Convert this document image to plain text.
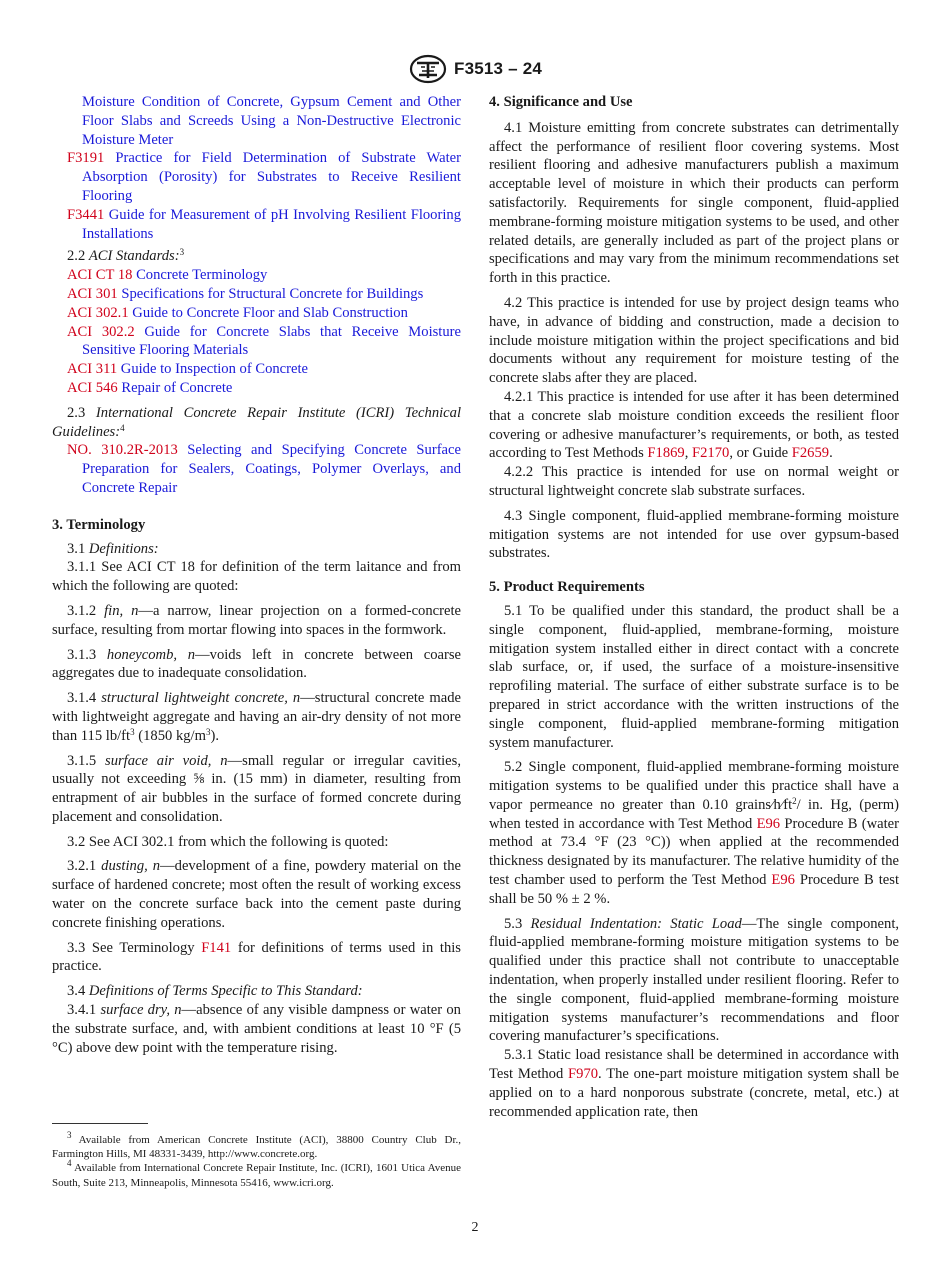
F3513 – 24

Moisture Condition of Concrete, Gypsum Cement and Other Floor Slabs and Screeds Using a Non-Destructive Electronic Moisture Meter

F3191 Practice for Field Determination of Substrate Water Absorption (Porosity) for Substrates to Receive Resilient Flooring

F3441 Guide for Measurement of pH Involving Resilient Flooring Installations

2.2 ACI Standards:$^3$

ACI CT 18 Concrete Terminology

ACI 301 Specifications for Structural Concrete for Buildings

ACI 302.1 Guide to Concrete Floor and Slab Construction

ACI 302.2 Guide for Concrete Slabs that Receive Moisture Sensitive Flooring Materials

ACI 311 Guide to Inspection of Concrete

ACI 546 Repair of Concrete

2.3 International Concrete Repair Institute (ICRI) Technical Guidelines:$^4$

NO. 310.2R-2013 Selecting and Specifying Concrete Surface Preparation for Sealers, Coatings, Polymer Overlays, and Concrete Repair

3. Terminology

3.1 Definitions:

3.1.1 See ACI CT 18 for definition of the term laitance and from which the following are quoted:

3.1.2 fin, n—a narrow, linear projection on a formed-concrete surface, resulting from mortar flowing into spaces in the formwork.

3.1.3 honeycomb, n—voids left in concrete between coarse aggregates due to inadequate consolidation.

3.1.4 structural lightweight concrete, n—structural concrete made with lightweight aggregate and having an air-dry density of not more than 115 $lb/ft^3$ (1850 $kg/m^3$).

3.1.5 surface air void, n—small regular or irregular cavities, usually not exceeding ⅝ in. (15 mm) in diameter, resulting from entrapment of air bubbles in the surface of formed concrete during placement and consolidation.

3.2 See ACI 302.1 from which the following is quoted:

3.2.1 dusting, n—development of a fine, powdery material on the surface of hardened concrete; most often the result of working excess water on the concrete surface back into the cement paste during concrete finishing operations.

3.3 See Terminology F141 for definitions of terms used in this practice.

3.4 Definitions of Terms Specific to This Standard:

3.4.1 surface dry, n—absence of any visible dampness or water on the substrate surface, and, with ambient conditions at least 10 °F (5 °C) above dew point with the temperature rising.

$^3$ Available from American Concrete Institute (ACI), 38800 Country Club Dr., Farmington Hills, MI 48331-3439, http://www.concrete.org.

$^4$ Available from International Concrete Repair Institute, Inc. (ICRI), 1601 Utica Avenue South, Suite 213, Minneapolis, Minnesota 55416, www.icri.org.

4. Significance and Use

4.1 Moisture emitting from concrete substrates can detrimentally affect the performance of resilient floor covering systems. Most resilient flooring and adhesive manufacturers publish a maximum acceptable level of moisture in which their products can perform satisfactorily. Requirements for single component, fluid-applied membrane-forming moisture mitigation systems to be used, and other related details, are generally included as part of the project plans or specifications and may vary from the minimum recommendations set forth in this practice.

4.2 This practice is intended for use by project design teams who have, in advance of bidding and construction, made a decision to include moisture mitigation within the project specifications and bid documents without any requirement for moisture testing of the concrete slabs after they are placed.

4.2.1 This practice is intended for use after it has been determined that a concrete slab moisture condition exceeds the resilient floor covering or adhesive manufacturer’s requirements, or both, as tested according to Test Methods F1869, F2170, or Guide F2659.

4.2.2 This practice is intended for use on normal weight or structural lightweight concrete slab substrate surfaces.

4.3 Single component, fluid-applied membrane-forming moisture mitigation systems are not intended for use over gypsum-based substrates.

5. Product Requirements

5.1 To be qualified under this standard, the product shall be a single component, fluid-applied, membrane-forming, moisture mitigation system installed either in direct contact with a concrete slab surface, or, if used, the surface of a moisture-insensitive reprofiling material. The surface of either substrate surface is to be prepared in strict accordance with the written instructions of the single component, fluid-applied membrane-forming mitigation system manufacturer.

5.2 Single component, fluid-applied membrane-forming moisture mitigation systems to be qualified under this practice shall have a vapor permeance no greater than 0.10 $grains⁄h⁄ft^2/$ in. Hg, (perm) when tested in accordance with Test Method E96 Procedure B (water method at 73.4 °F (23 °C)) when applied at the recommended thickness designated by its manufacturer. The relative humidity of the test chamber used to perform the Test Method E96 Procedure B test shall be 50 % ± 2 %.

5.3 Residual Indentation: Static Load—The single component, fluid-applied membrane-forming moisture mitigation systems to be qualified under this practice shall not contribute to unacceptable indentation, when properly installed under resilient flooring. Refer to the single component, fluid-applied membrane-forming moisture mitigation systems manufacturer’s recommendations and floor covering manufacturer’s specifications.

5.3.1 Static load resistance shall be determined in accordance with Test Method F970. The one-part moisture mitigation system shall be applied on to a hard nonporous substrate (concrete, metal, etc.) at recommended application rate, then

2
